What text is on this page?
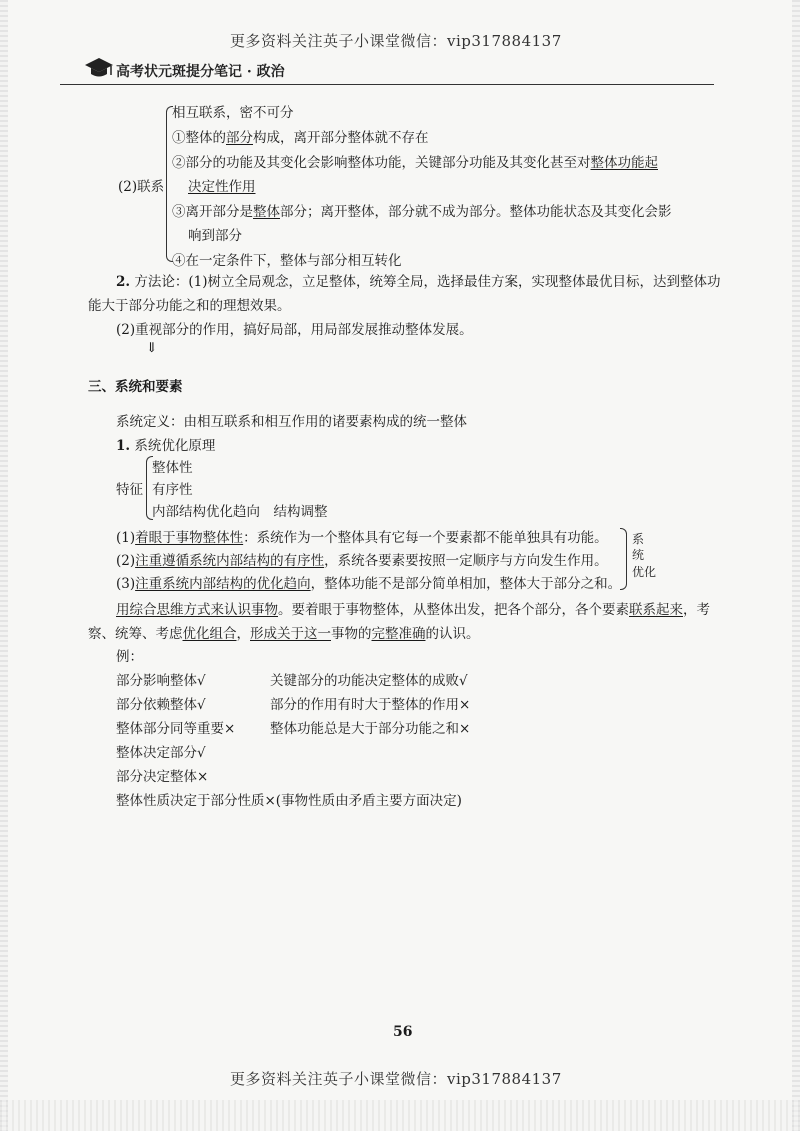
更多资料关注英子小课堂微信：vip317884137
高考状元斑提分笔记 · 政治
相互联系，密不可分
①整体的部分构成，离开部分整体就不存在
②部分的功能及其变化会影响整体功能，关键部分功能及其变化甚至对整体功能起
决定性作用
③离开部分是整体部分；离开整体，部分就不成为部分。整体功能状态及其变化会影
响到部分
④在一定条件下，整体与部分相互转化
(2)联系
2. 方法论：(1)树立全局观念，立足整体，统筹全局，选择最佳方案，实现整体最优目标，达到整体功
能大于部分功能之和的理想效果。
(2)重视部分的作用，搞好局部，用局部发展推动整体发展。
⇓
三、系统和要素
系统定义：由相互联系和相互作用的诸要素构成的统一整体
1. 系统优化原理
特征
整体性
有序性
内部结构优化趋向　结构调整
(1)着眼于事物整体性：系统作为一个整体具有它每一个要素都不能单独具有功能。
(2)注重遵循系统内部结构的有序性，系统各要素要按照一定顺序与方向发生作用。
(3)注重系统内部结构的优化趋向，整体功能不是部分简单相加，整体大于部分之和。
系
统
优化
用综合思维方式来认识事物。要着眼于事物整体，从整体出发，把各个部分，各个要素联系起来，考
察、统筹、考虑优化组合，形成关于这一事物的完整准确的认识。
例：
部分影响整体√
部分依赖整体√
整体部分同等重要×
整体决定部分√
部分决定整体×
整体性质决定于部分性质×(事物性质由矛盾主要方面决定)
关键部分的功能决定整体的成败√
部分的作用有时大于整体的作用×
整体功能总是大于部分功能之和×
56
更多资料关注英子小课堂微信：vip317884137
